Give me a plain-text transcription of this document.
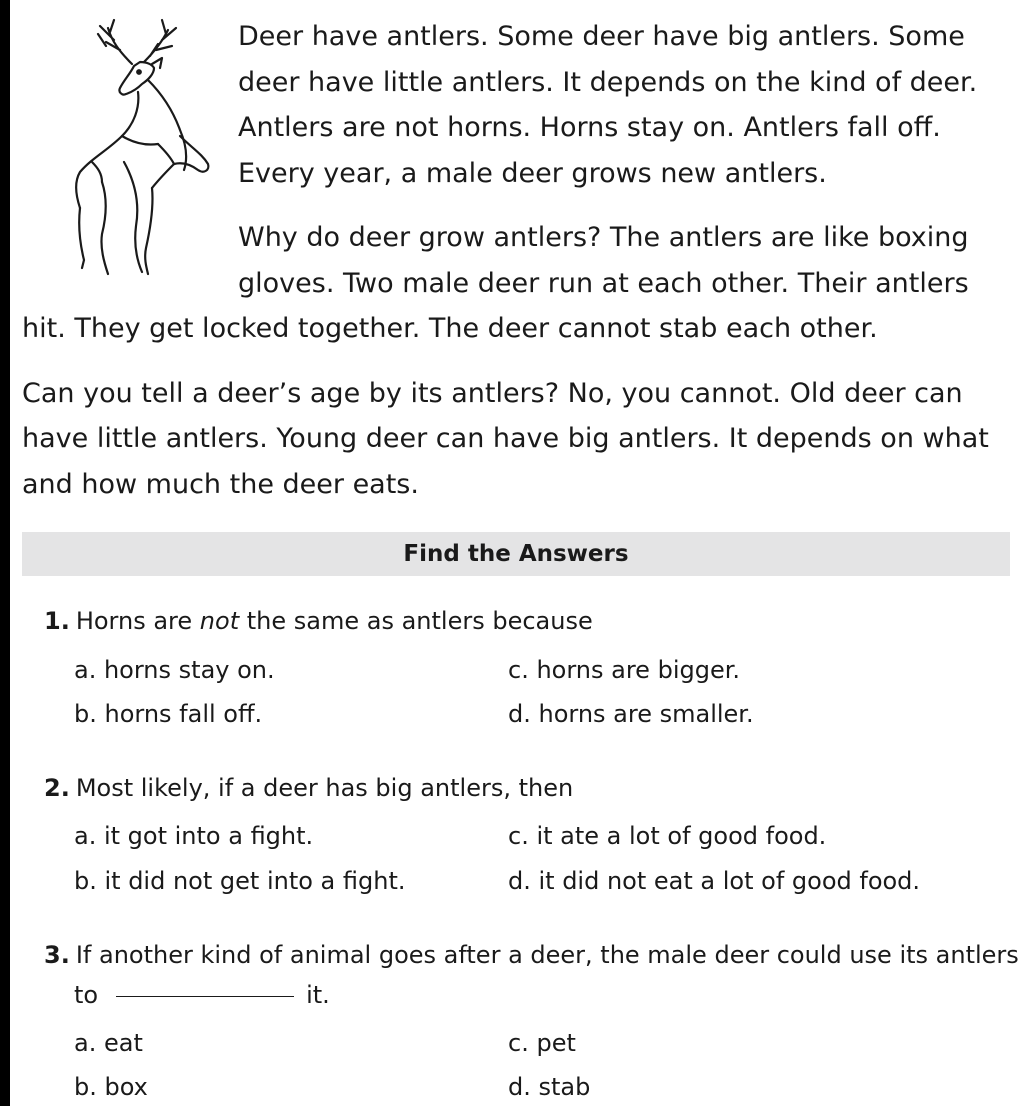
Deer have antlers. Some deer have big antlers. Some
deer have little antlers. It depends on the kind of deer.
Antlers are not horns. Horns stay on. Antlers fall off.
Every year, a male deer grows new antlers.
Why do deer grow antlers? The antlers are like boxing
gloves. Two male deer run at each other. Their antlers
hit. They get locked together. The deer cannot stab each other.
Can you tell a deer’s age by its antlers? No, you cannot. Old deer can
have little antlers. Young deer can have big antlers. It depends on what
and how much the deer eats.
Find the Answers
1. Horns are not the same as antlers because
a. horns stay on.
b. horns fall off.
c. horns are bigger.
d. horns are smaller.
2. Most likely, if a deer has big antlers, then
a. it got into a fight.
b. it did not get into a fight.
c. it ate a lot of good food.
d. it did not eat a lot of good food.
3. If another kind of animal goes after a deer, the male deer could use its antlers
to	it.
a. eat
b. box
c. pet
d. stab
